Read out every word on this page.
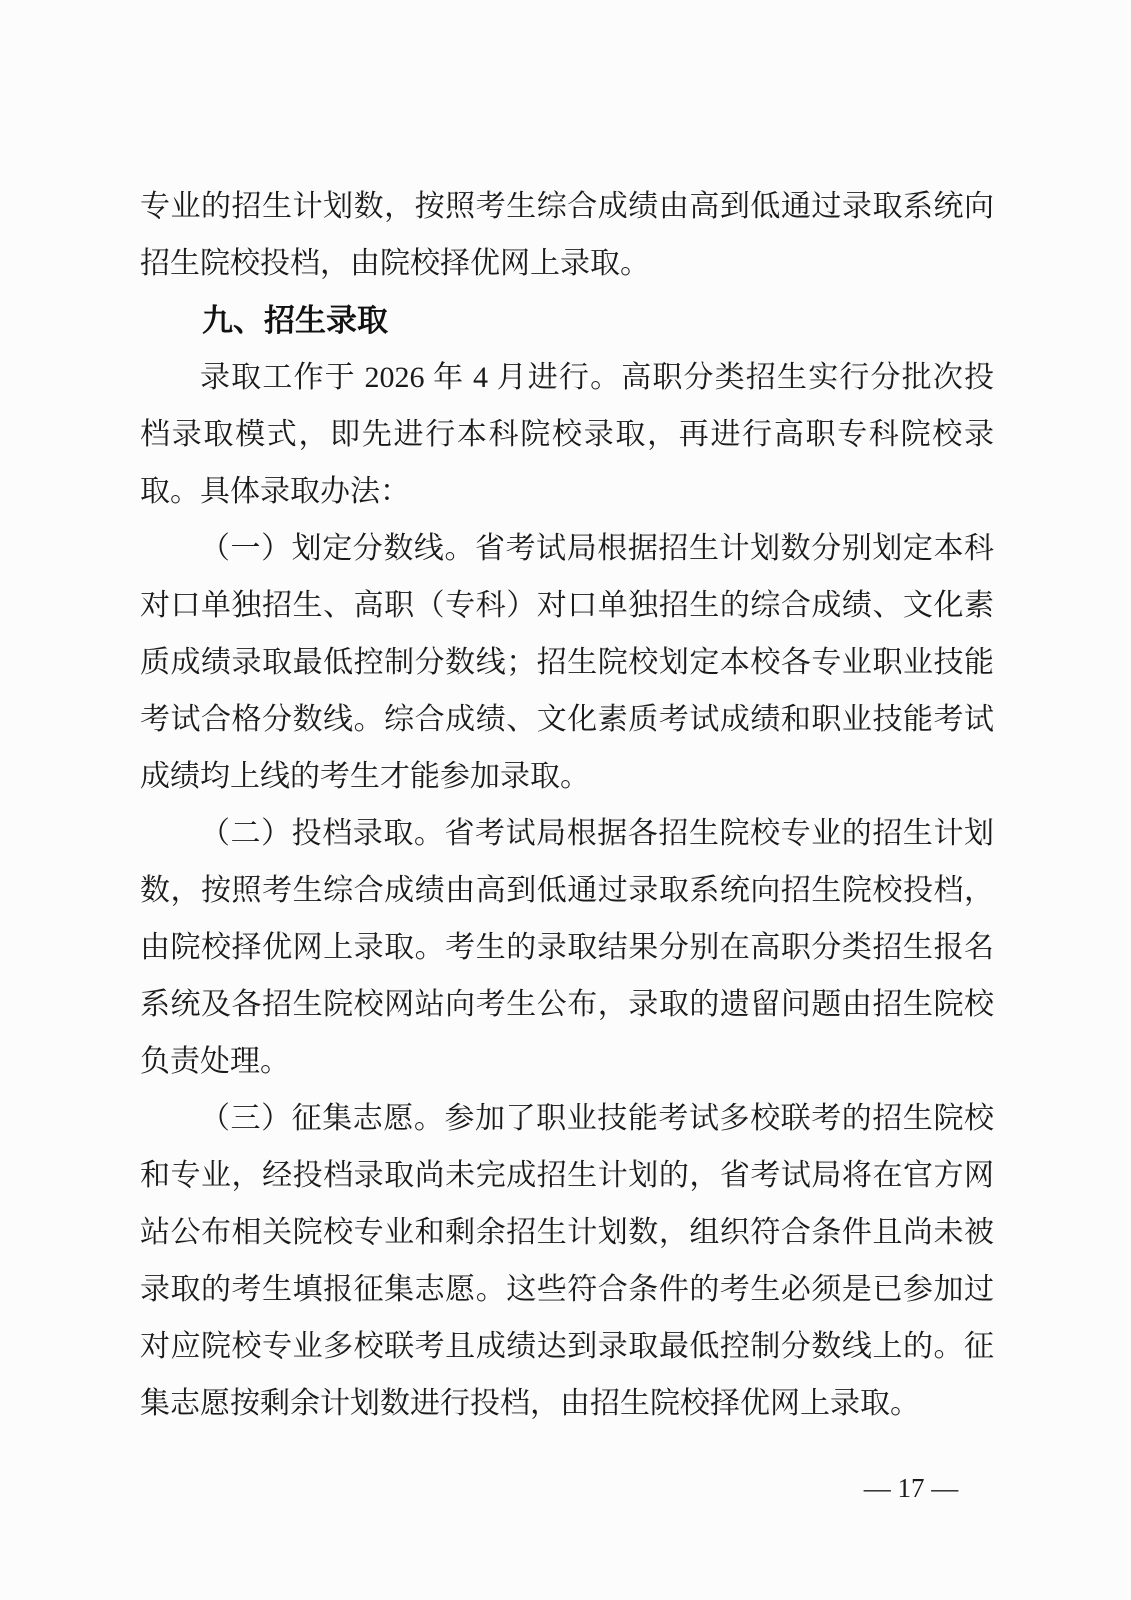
专业的招生计划数，按照考生综合成绩由高到低通过录取系统向招生院校投档，由院校择优网上录取。

九、招生录取

录取工作于 2026 年 4 月进行。高职分类招生实行分批次投档录取模式，即先进行本科院校录取，再进行高职专科院校录取。具体录取办法：

（一）划定分数线。省考试局根据招生计划数分别划定本科对口单独招生、高职（专科）对口单独招生的综合成绩、文化素质成绩录取最低控制分数线；招生院校划定本校各专业职业技能考试合格分数线。综合成绩、文化素质考试成绩和职业技能考试成绩均上线的考生才能参加录取。

（二）投档录取。省考试局根据各招生院校专业的招生计划数，按照考生综合成绩由高到低通过录取系统向招生院校投档，由院校择优网上录取。考生的录取结果分别在高职分类招生报名系统及各招生院校网站向考生公布，录取的遗留问题由招生院校负责处理。

（三）征集志愿。参加了职业技能考试多校联考的招生院校和专业，经投档录取尚未完成招生计划的，省考试局将在官方网站公布相关院校专业和剩余招生计划数，组织符合条件且尚未被录取的考生填报征集志愿。这些符合条件的考生必须是已参加过对应院校专业多校联考且成绩达到录取最低控制分数线上的。征集志愿按剩余计划数进行投档，由招生院校择优网上录取。

— 17 —
